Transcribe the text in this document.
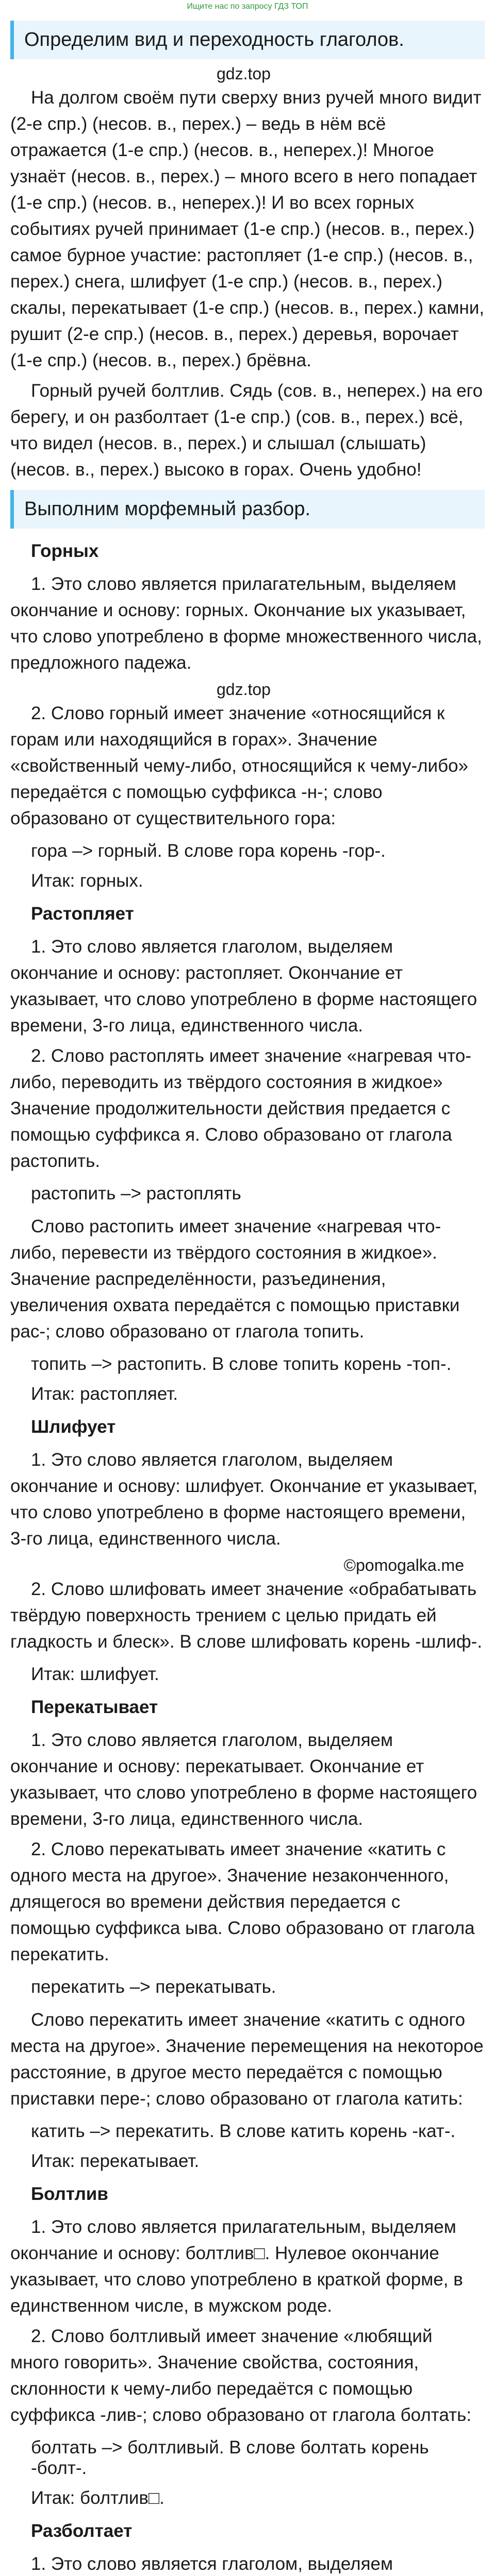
Ищите нас по запросу ГДЗ ТОП
Определим вид и переходность глаголов.
gdz.top

На долгом своём пути сверху вниз ручей много видит (2-е спр.) (несов. в., перех.) – ведь в нём всё отражается (1-е спр.) (несов. в., неперех.)! Многое узнаёт (несов. в., перех.) – много всего в него попадает (1-е спр.) (несов. в., неперех.)! И во всех горных событиях ручей принимает (1-е спр.) (несов. в., перех.) самое бурное участие: растопляет (1-е спр.) (несов. в., перех.) снега, шлифует (1-е спр.) (несов. в., перех.) скалы, перекатывает (1-е спр.) (несов. в., перех.) камни, рушит (2-е спр.) (несов. в., перех.) деревья, ворочает (1-е спр.) (несов. в., перех.) брёвна.

Горный ручей болтлив. Сядь (сов. в., неперех.) на его берегу, и он разболтает (1-е спр.) (сов. в., перех.) всё, что видел (несов. в., перех.) и слышал (слышать) (несов. в., перех.) высоко в горах. Очень удобно!

Выполним морфемный разбор.
Горных

1. Это слово является прилагательным, выделяем окончание и основу: горных. Окончание ых указывает, что слово употреблено в форме множественного числа, предложного падежа.

gdz.top

2. Слово горный имеет значение «относящийся к горам или находящийся в горах». Значение «свойственный чему-либо, относящийся к чему-либо» передаётся с помощью суффикса -н-; слово образовано от существительного гора:

гора –> горный. В слове гора корень -гор-.
Итак: горных.
Растопляет

1. Это слово является глаголом, выделяем окончание и основу: растопляет. Окончание ет указывает, что слово употреблено в форме настоящего времени, 3-го лица, единственного числа.

2. Слово растоплять имеет значение «нагревая что-либо, переводить из твёрдого состояния в жидкое» Значение продолжительности действия предается с помощью суффикса я. Слово образовано от глагола растопить.

растопить –> растоплять

Слово растопить имеет значение «нагревая что-либо, перевести из твёрдого состояния в жидкое». Значение распределённости, разъединения, увеличения охвата передаётся с помощью приставки рас-; слово образовано от глагола топить.

топить –> растопить. В слове топить корень -топ-.
Итак: растопляет.
Шлифует

1. Это слово является глаголом, выделяем окончание и основу: шлифует. Окончание ет указывает, что слово употреблено в форме настоящего времени, 3-го лица, единственного числа.

©pomogalka.me

2. Слово шлифовать имеет значение «обрабатывать твёрдую поверхность трением с целью придать ей гладкость и блеск». В слове шлифовать корень -шлиф-.

Итак: шлифует.
Перекатывает

1. Это слово является глаголом, выделяем окончание и основу: перекатывает. Окончание ет указывает, что слово употреблено в форме настоящего времени, 3-го лица, единственного числа.

2. Слово перекатывать имеет значение «катить с одного места на другое». Значение незаконченного, длящегося во времени действия передается с помощью суффикса ыва. Слово образовано от глагола перекатить.

перекатить –> перекатывать.

Слово перекатить имеет значение «катить с одного места на другое». Значение перемещения на некоторое расстояние, в другое место передаётся с помощью приставки пере-; слово образовано от глагола катить:

катить –> перекатить. В слове катить корень -кат-.
Итак: перекатывает.
Болтлив

1. Это слово является прилагательным, выделяем окончание и основу: болтлив□. Нулевое окончание указывает, что слово употреблено в краткой форме, в единственном числе, в мужском роде.

2. Слово болтливый имеет значение «любящий много говорить». Значение свойства, состояния, склонности к чему-либо передаётся с помощью суффикса -лив-; слово образовано от глагола болтать:

болтать –> болтливый. В слове болтать корень -болт-.
Итак: болтлив□.
Разболтает

1. Это слово является глаголом, выделяем
